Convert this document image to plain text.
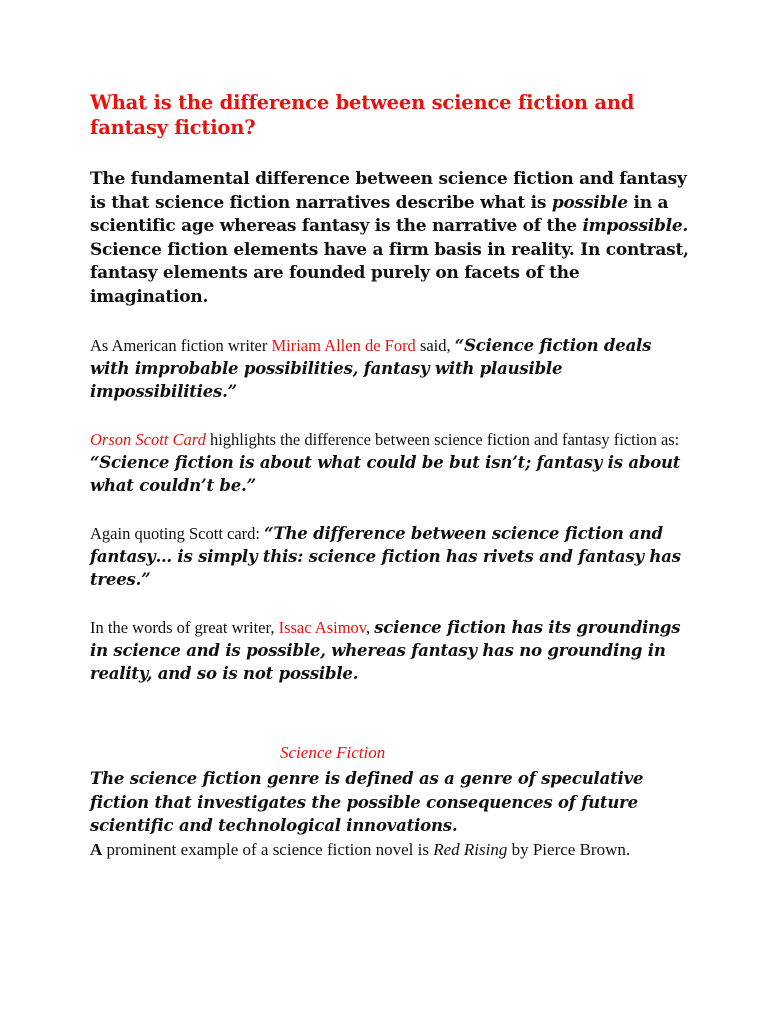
What is the difference between science fiction and fantasy fiction?
The fundamental difference between science fiction and fantasy is that science fiction narratives describe what is possible in a scientific age whereas fantasy is the narrative of the impossible. Science fiction elements have a firm basis in reality. In contrast, fantasy elements are founded purely on facets of the imagination.
As American fiction writer Miriam Allen de Ford said, “Science fiction deals with improbable possibilities, fantasy with plausible impossibilities.”
Orson Scott Card highlights the difference between science fiction and fantasy fiction as: “Science fiction is about what could be but isn’t; fantasy is about what couldn’t be.”
Again quoting Scott card: “The difference between science fiction and fantasy… is simply this: science fiction has rivets and fantasy has trees.”
In the words of great writer, Issac Asimov, science fiction has its groundings in science and is possible, whereas fantasy has no grounding in reality, and so is not possible.
Science Fiction
The science fiction genre is defined as a genre of speculative fiction that investigates the possible consequences of future scientific and technological innovations.
A prominent example of a science fiction novel is Red Rising by Pierce Brown.
